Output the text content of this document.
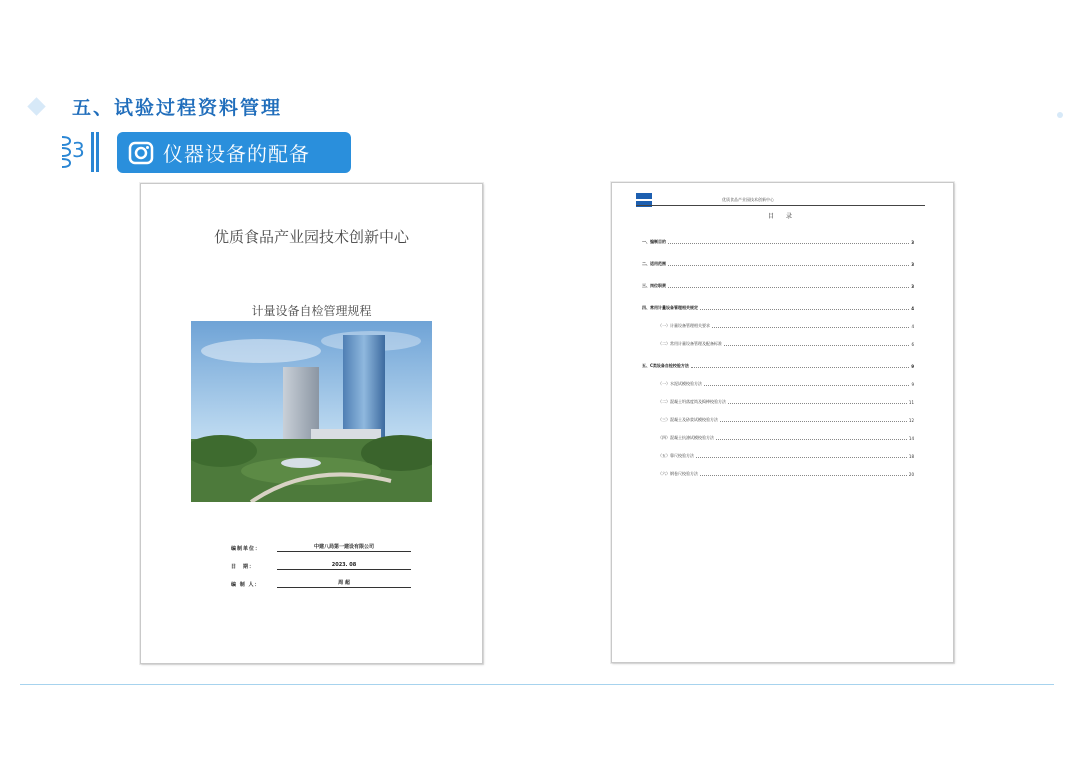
五、试验过程资料管理
3	仪器设备的配备
优质食品产业园技术创新中心
计量设备自检管理规程
编制单位：	中建八局第一建设有限公司
日　期：	2023. 08
编 制 人：	周 超
优质食品产业园技术创新中心
目 录
一、编制目的	3
二、适用范围	3
三、岗位职责	3
四、常用计量设备管理相关规定	4
（一）计量设备管理相关要求	4
（二）常用计量设备管理及配备标准	6
五、C类设备自检校验方法	9
（一）水泥试模校验方法	9
（二）混凝土坍落度筒及捣棒校验方法	11
（三）混凝土及砂浆试模校验方法	12
（四）混凝土抗渗试模校验方法	14
（五）靠尺校验方法	18
（六）钢卷尺校验方法	20
